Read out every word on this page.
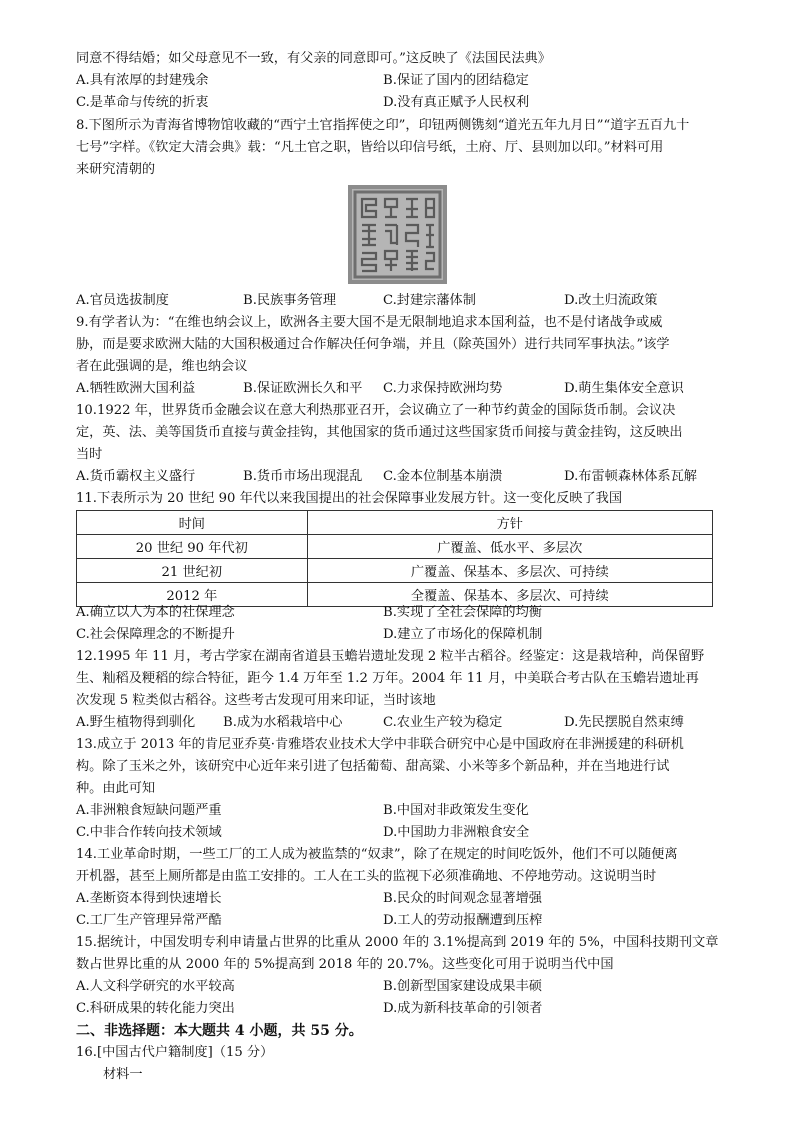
同意不得结婚；如父母意见不一致，有父亲的同意即可。”这反映了《法国民法典》
A.具有浓厚的封建残余	B.保证了国内的团结稳定
C.是革命与传统的折衷	D.没有真正赋予人民权利
8.下图所示为青海省博物馆收藏的“西宁土官指挥使之印”，印钮两侧镌刻“道光五年九月日”“道字五百九十
七号”字样。《钦定大清会典》载：“凡土官之职，皆给以印信号纸，土府、厅、县则加以印。”材料可用
来研究清朝的
A.官员选拔制度	B.民族事务管理	C.封建宗藩体制	D.改土归流政策
9.有学者认为：“在维也纳会议上，欧洲各主要大国不是无限制地追求本国利益，也不是付诸战争或威
胁，而是要求欧洲大陆的大国积极通过合作解决任何争端，并且（除英国外）进行共同军事执法。”该学
者在此强调的是，维也纳会议
A.牺牲欧洲大国利益	B.保证欧洲长久和平 C.力求保持欧洲均势	D.萌生集体安全意识
10.1922 年，世界货币金融会议在意大利热那亚召开，会议确立了一种节约黄金的国际货币制。会议决
定，英、法、美等国货币直接与黄金挂钩，其他国家的货币通过这些国家货币间接与黄金挂钩，这反映出
当时
A.货币霸权主义盛行	B.货币市场出现混乱 C.金本位制基本崩溃	D.布雷顿森林体系瓦解
11.下表所示为 20 世纪 90 年代以来我国提出的社会保障事业发展方针。这一变化反映了我国
时间	方针
20 世纪 90 年代初	广覆盖、低水平、多层次
21 世纪初	广覆盖、保基本、多层次、可持续
2012 年	全覆盖、保基本、多层次、可持续
A.确立以人为本的社保理念	B.实现了全社会保障的均衡
C.社会保障理念的不断提升	D.建立了市场化的保障机制
12.1995 年 11 月，考古学家在湖南省道县玉蟾岩遗址发现 2 粒半古稻谷。经鉴定：这是栽培种，尚保留野
生、籼稻及粳稻的综合特征，距今 1.4 万年至 1.2 万年。2004 年 11 月，中美联合考古队在玉蟾岩遗址再
次发现 5 粒类似古稻谷。这些考古发现可用来印证，当时该地
A.野生植物得到驯化 B.成为水稻栽培中心	C.农业生产较为稳定	D.先民摆脱自然束缚
13.成立于 2013 年的肯尼亚乔莫·肯雅塔农业技术大学中非联合研究中心是中国政府在非洲援建的科研机
构。除了玉米之外，该研究中心近年来引进了包括葡萄、甜高粱、小米等多个新品种，并在当地进行试
种。由此可知
A.非洲粮食短缺问题严重	B.中国对非政策发生变化
C.中非合作转向技术领域	D.中国助力非洲粮食安全
14.工业革命时期，一些工厂的工人成为被监禁的“奴隶”，除了在规定的时间吃饭外，他们不可以随便离
开机器，甚至上厕所都是由监工安排的。工人在工头的监视下必须准确地、不停地劳动。这说明当时
A.垄断资本得到快速增长	B.民众的时间观念显著增强
C.工厂生产管理异常严酷	D.工人的劳动报酬遭到压榨
15.据统计，中国发明专利申请量占世界的比重从 2000 年的 3.1%提高到 2019 年的 5%，中国科技期刊文章
数占世界比重的从 2000 年的 5%提高到 2018 年的 20.7%。这些变化可用于说明当代中国
A.人文科学研究的水平较高	B.创新型国家建设成果丰硕
C.科研成果的转化能力突出	D.成为新科技革命的引领者
二、非选择题：本大题共 4 小题，共 55 分。
16.[中国古代户籍制度]（15 分）
材料一
